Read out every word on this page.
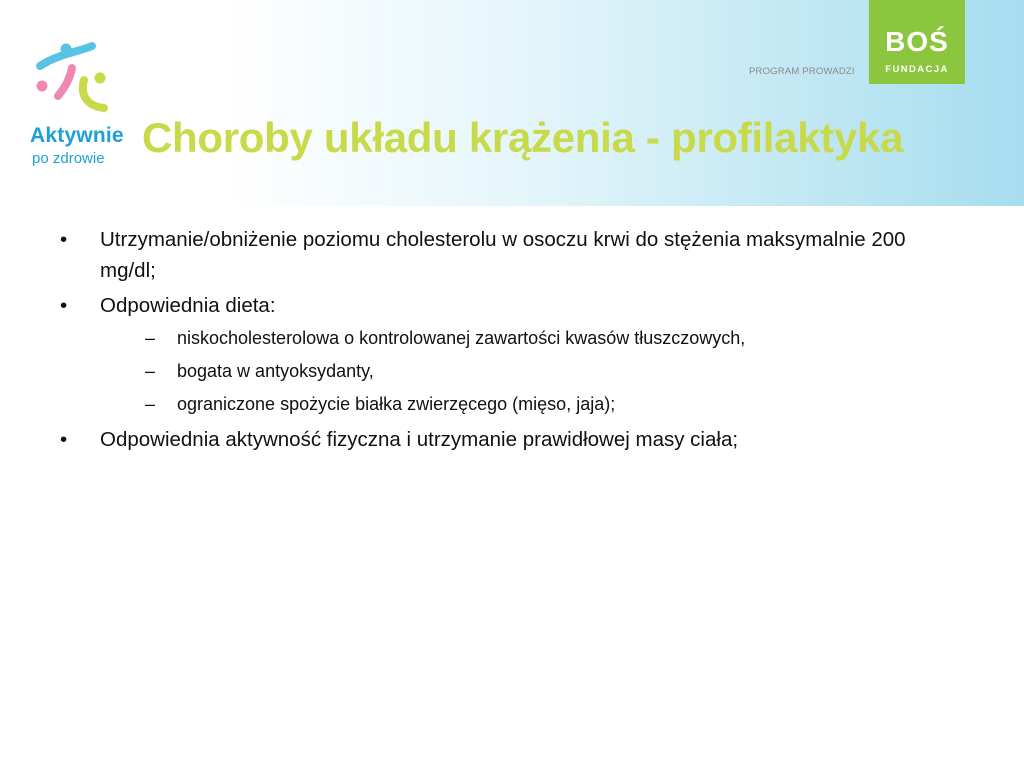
Aktywnie
po zdrowie
PROGRAM PROWADZI
BOŚ
FUNDACJA
Choroby układu krążenia - profilaktyka
•	Utrzymanie/obniżenie poziomu cholesterolu w osoczu krwi do stężenia maksymalnie 200 mg/dl;
•	Odpowiednia dieta:
–	niskocholesterolowa o kontrolowanej zawartości kwasów tłuszczowych,
–	bogata w antyoksydanty,
–	ograniczone spożycie białka zwierzęcego (mięso, jaja);
•	Odpowiednia aktywność fizyczna i utrzymanie prawidłowej masy ciała;
